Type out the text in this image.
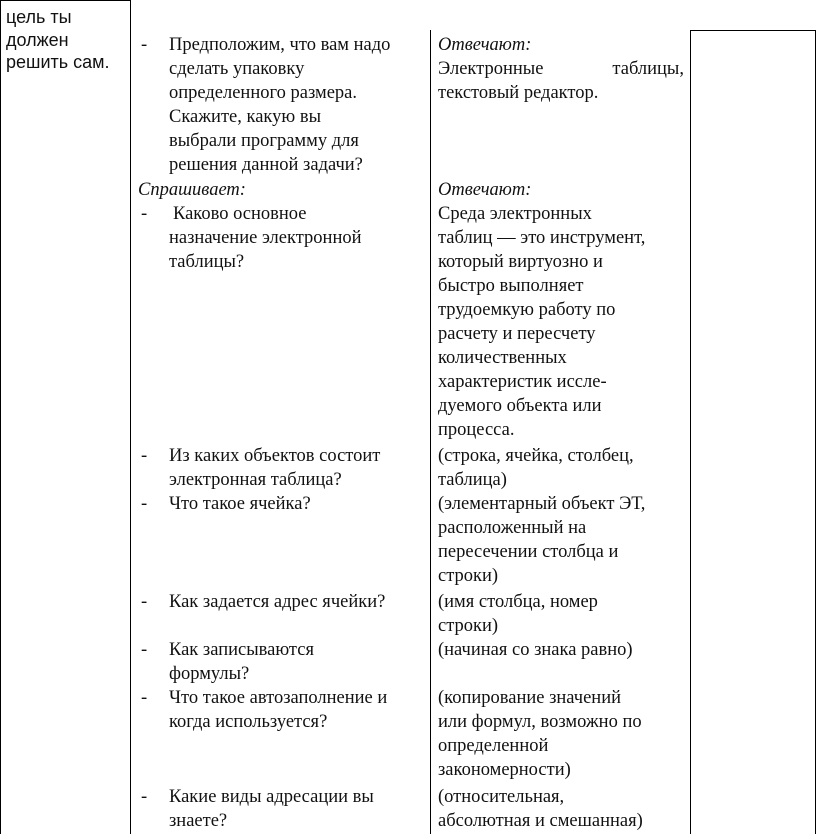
цель ты
должен
решить сам.
- Предположим, что вам надо
сделать упаковку
определенного размера.
Скажите, какую вы
выбрали программу для
решения данной задачи?
Отвечают:
Электронные таблицы,
текстовый редактор.
Спрашивает:
- Каково основное
назначение электронной
таблицы?
Отвечают:
Среда электронных
таблиц — это инструмент,
который виртуозно и
быстро выполняет
трудоемкую работу по
расчету и пересчету
количественных
характеристик иссле-
дуемого объекта или
процесса.
- Из каких объектов состоит
электронная таблица?
(строка, ячейка, столбец,
таблица)
- Что такое ячейка?	(элементарный объект ЭТ,
расположенный на
пересечении столбца и
строки)
- Как задается адрес ячейки?	(имя столбца, номер
строки)
- Как записываются
формулы?
(начиная со знака равно)
- Что такое автозаполнение и
когда используется?
(копирование значений
или формул, возможно по
определенной
закономерности)
- Какие виды адресации вы
знаете?
(относительная,
абсолютная и смешанная)
